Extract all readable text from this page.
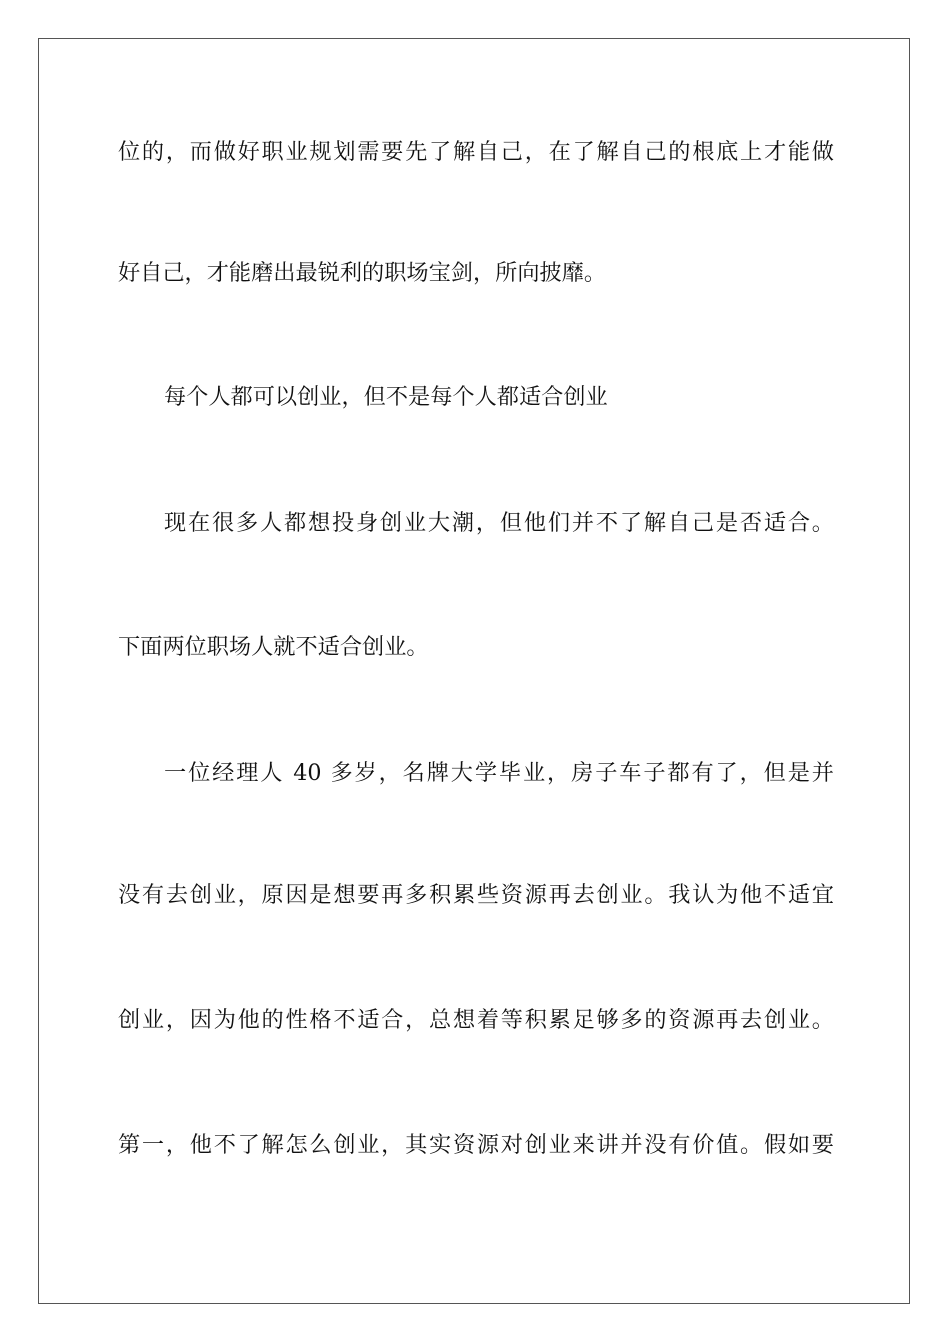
位的，而做好职业规划需要先了解自己，在了解自己的根底上才能做
好自己，才能磨出最锐利的职场宝剑，所向披靡。
每个人都可以创业，但不是每个人都适合创业
现在很多人都想投身创业大潮，但他们并不了解自己是否适合。
下面两位职场人就不适合创业。
一位经理人 40 多岁，名牌大学毕业，房子车子都有了，但是并
没有去创业，原因是想要再多积累些资源再去创业。我认为他不适宜
创业，因为他的性格不适合，总想着等积累足够多的资源再去创业。
第一，他不了解怎么创业，其实资源对创业来讲并没有价值。假如要
